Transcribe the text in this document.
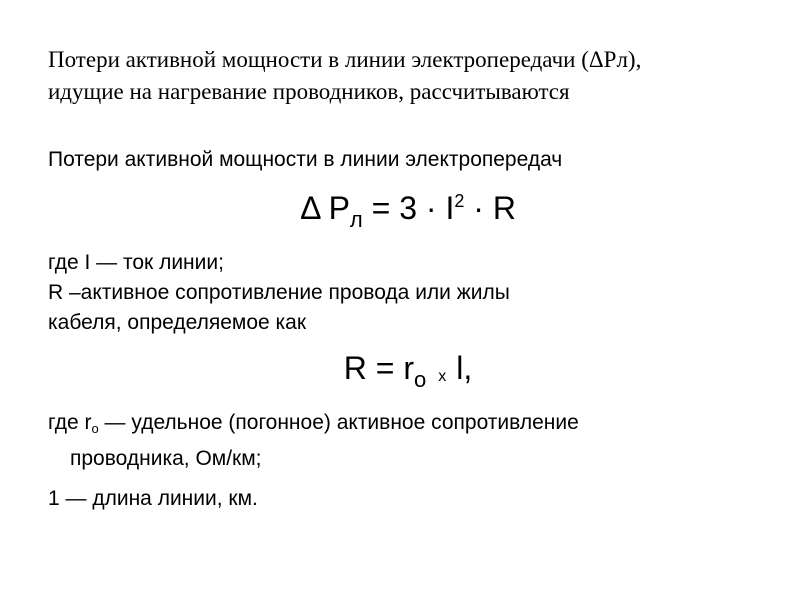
Потери активной мощности в линии электропередачи (ΔРл),
идущие на нагревание проводников, рассчитываются
Потери активной мощности в линии электропередач
Δ $Р_л = 3 \cdot I^2 \cdot R$
где I — ток линии;
R –активное сопротивление провода или жилы
кабеля, определяемое как
$R = r_о$ х l,
где rо — удельное (погонное) активное сопротивление
проводника, Ом/км;
1 — длина линии, км.
